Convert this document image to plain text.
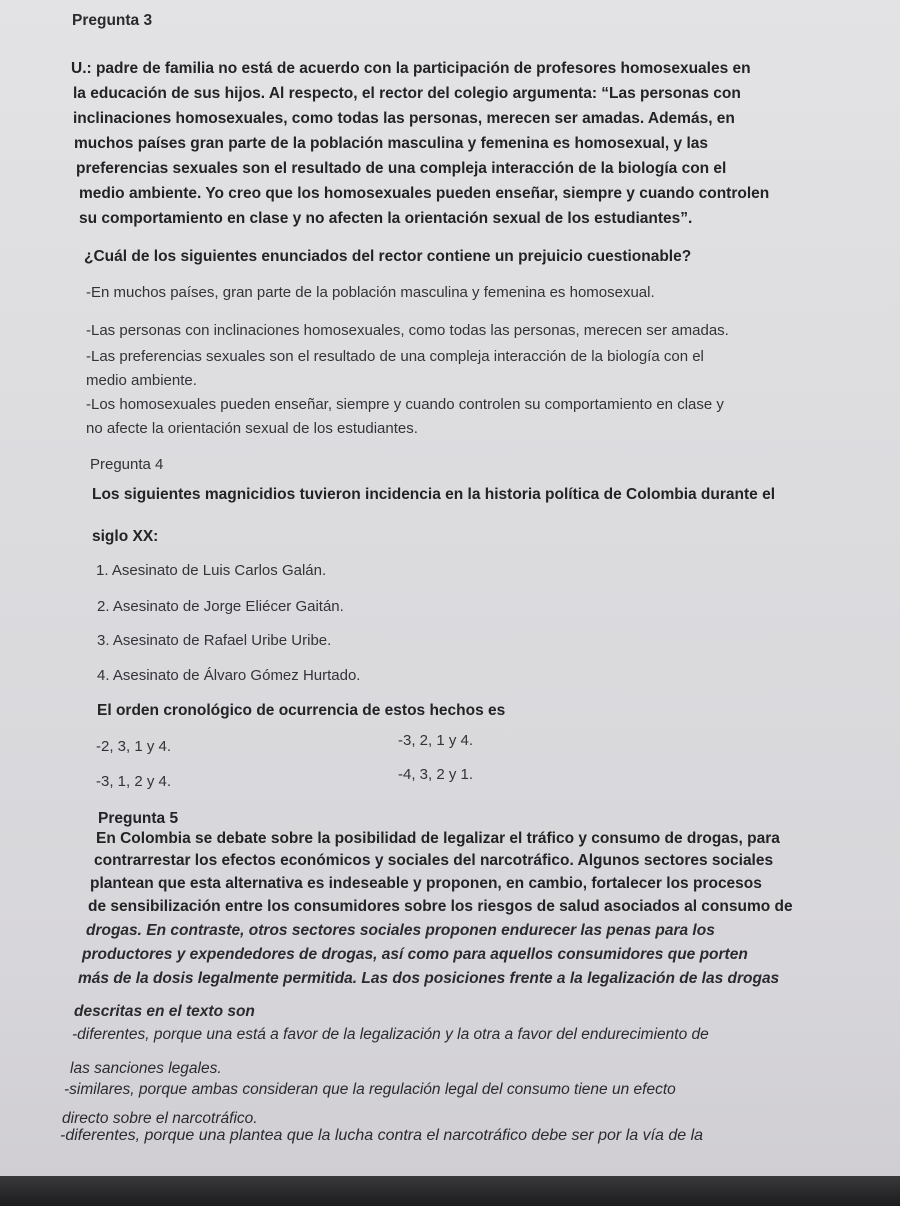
Pregunta 3

U.: padre de familia no está de acuerdo con la participación de profesores homosexuales en

la educación de sus hijos. Al respecto, el rector del colegio argumenta: “Las personas con

inclinaciones homosexuales, como todas las personas, merecen ser amadas. Además, en

muchos países gran parte de la población masculina y femenina es homosexual, y las

preferencias sexuales son el resultado de una compleja interacción de la biología con el

medio ambiente. Yo creo que los homosexuales pueden enseñar, siempre y cuando controlen

su comportamiento en clase y no afecten la orientación sexual de los estudiantes”.

¿Cuál de los siguientes enunciados del rector contiene un prejuicio cuestionable?

-En muchos países, gran parte de la población masculina y femenina es homosexual.

-Las personas con inclinaciones homosexuales, como todas las personas, merecen ser amadas.

-Las preferencias sexuales son el resultado de una compleja interacción de la biología con el

medio ambiente.

-Los homosexuales pueden enseñar, siempre y cuando controlen su comportamiento en clase y

no afecte la orientación sexual de los estudiantes.

Pregunta 4

Los siguientes magnicidios tuvieron incidencia en la historia política de Colombia durante el

siglo XX:

1. Asesinato de Luis Carlos Galán.

2. Asesinato de Jorge Eliécer Gaitán.

3. Asesinato de Rafael Uribe Uribe.

4. Asesinato de Álvaro Gómez Hurtado.

El orden cronológico de ocurrencia de estos hechos es

-2, 3, 1 y 4.	-3, 2, 1 y 4.

-3, 1, 2 y 4.	-4, 3, 2 y 1.

Pregunta 5

En Colombia se debate sobre la posibilidad de legalizar el tráfico y consumo de drogas, para

contrarrestar los efectos económicos y sociales del narcotráfico. Algunos sectores sociales

plantean que esta alternativa es indeseable y proponen, en cambio, fortalecer los procesos

de sensibilización entre los consumidores sobre los riesgos de salud asociados al consumo de

drogas. En contraste, otros sectores sociales proponen endurecer las penas para los

productores y expendedores de drogas, así como para aquellos consumidores que porten

más de la dosis legalmente permitida. Las dos posiciones frente a la legalización de las drogas

descritas en el texto son

-diferentes, porque una está a favor de la legalización y la otra a favor del endurecimiento de

las sanciones legales.

-similares, porque ambas consideran que la regulación legal del consumo tiene un efecto

directo sobre el narcotráfico.

-diferentes, porque una plantea que la lucha contra el narcotráfico debe ser por la vía de la
